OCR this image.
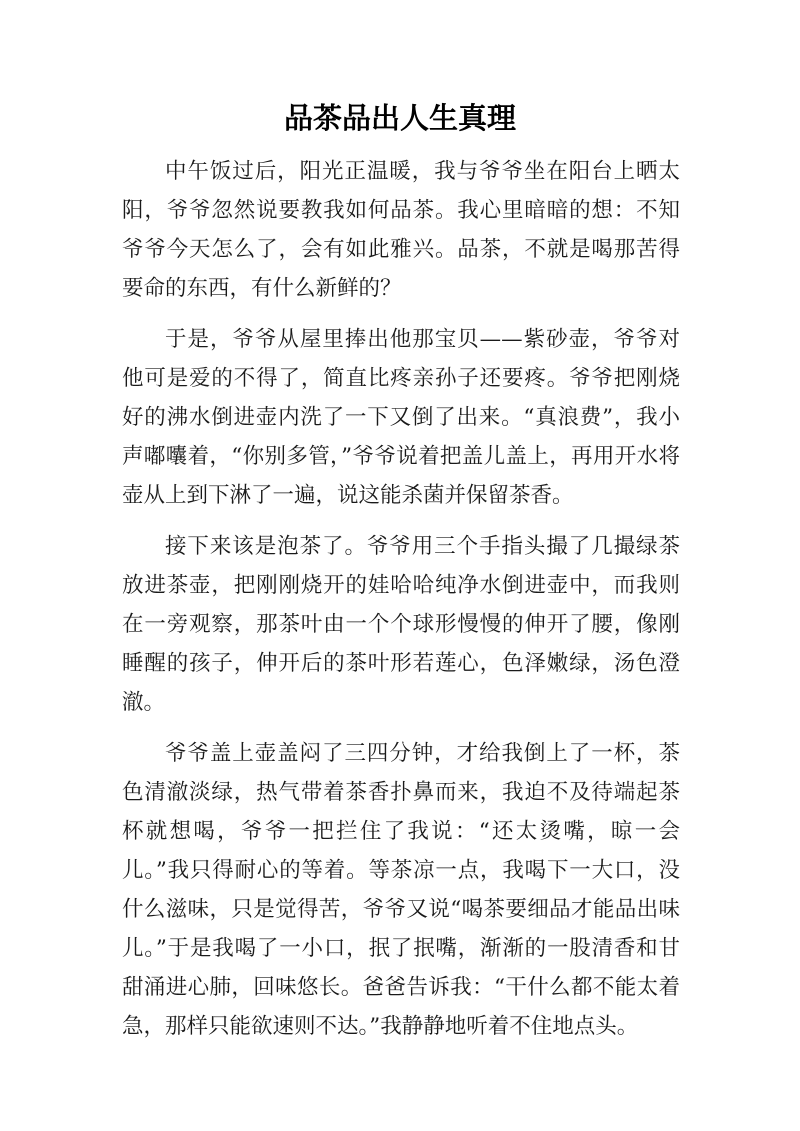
品茶品出人生真理

中午饭过后，阳光正温暖，我与爷爷坐在阳台上晒太阳，爷爷忽然说要教我如何品茶。我心里暗暗的想：不知爷爷今天怎么了，会有如此雅兴。品茶，不就是喝那苦得要命的东西，有什么新鲜的？

于是，爷爷从屋里捧出他那宝贝——紫砂壶，爷爷对他可是爱的不得了，简直比疼亲孙子还要疼。爷爷把刚烧好的沸水倒进壶内洗了一下又倒了出来。“真浪费”，我小声嘟囔着，“你别多管，”爷爷说着把盖儿盖上，再用开水将壶从上到下淋了一遍，说这能杀菌并保留茶香。

接下来该是泡茶了。爷爷用三个手指头撮了几撮绿茶放进茶壶，把刚刚烧开的娃哈哈纯净水倒进壶中，而我则在一旁观察，那茶叶由一个个球形慢慢的伸开了腰，像刚睡醒的孩子，伸开后的茶叶形若莲心，色泽嫩绿，汤色澄澈。

爷爷盖上壶盖闷了三四分钟，才给我倒上了一杯，茶色清澈淡绿，热气带着茶香扑鼻而来，我迫不及待端起茶杯就想喝，爷爷一把拦住了我说：“还太烫嘴，晾一会儿。”我只得耐心的等着。等茶凉一点，我喝下一大口，没什么滋味，只是觉得苦，爷爷又说“喝茶要细品才能品出味儿。”于是我喝了一小口，抿了抿嘴，渐渐的一股清香和甘甜涌进心肺，回味悠长。爸爸告诉我：“干什么都不能太着急，那样只能欲速则不达。”我静静地听着不住地点头。
